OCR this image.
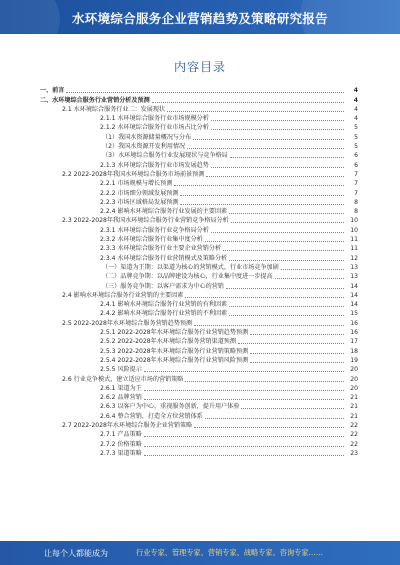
水环境综合服务企业营销趋势及策略研究报告
内容目录
一、前言	4
二、水环境综合服务行业营销分析及预测	4
2.1 水环境综合服务行业二：发展现状	4
2.1.1 水环境综合服务行业市场规模分析	4
2.1.2 水环境综合服务行业市场占比分析	5
（1）我国水资源储量概况与分布	5
（2）我国水资源开发利用情况	5
（3）水环境综合服务行业发展现状与竞争格局	6
2.1.3 水环境综合服务行业市场发展趋势	6
2.2 2022-2028年我国水环境综合服务市场前景预测	7
2.2.1 市场规模与增长预测	7
2.2.2 市场细分领域发展预测	7
2.2.3 市场区域格局发展预测	8
2.2.4 影响水环境综合服务行业发展的主要因素	8
2.3 2022-2028年我国水环境综合服务行业营销竞争格局分析	10
2.3.1 水环境综合服务行业竞争格局分析	10
2.3.2 水环境综合服务行业集中度分析	11
2.3.3 水环境综合服务行业主要企业营销分析	11
2.3.4 水环境综合服务行业营销模式及策略分析	12
（一）渠道为王期：以渠道为核心的营销模式，行业市场竞争加剧	13
（二）品牌竞争期：以品牌建设为核心，行业集中度进一步提高	13
（三）服务竞争期：以客户需求为中心的营销	14
2.4 影响水环境综合服务行业营销的主要因素	14
2.4.1 影响水环境综合服务行业营销的有利因素	14
2.4.2 影响水环境综合服务行业营销的不利因素	15
2.5 2022-2028年水环境综合服务营销趋势预测	16
2.5.1 2022-2028年水环境综合服务行业营销趋势预测	16
2.5.2 2022-2028年水环境综合服务营销渠道预测	17
2.5.3 2022-2028年水环境综合服务行业营销策略预测	18
2.5.4 2022-2028年水环境综合服务行业营销风险预测	19
2.5.5 风险提示	20
2.6 行业竞争模式，建立适应市场的营销策略	20
2.6.1 渠道为王	20
2.6.2 品牌营销	21
2.6.3 以客户为中心，重视服务创新，提升用户体验	21
2.6.4 整合营销，打造全方位营销体系	21
2.7 2022-2028年水环境综合服务企业营销策略	22
2.7.1 产品策略	22
2.7.2 价格策略	22
2.7.3 渠道策略	23
让每个人都能成为	行业专家、管理专家、营销专家、战略专家、咨询专家……
